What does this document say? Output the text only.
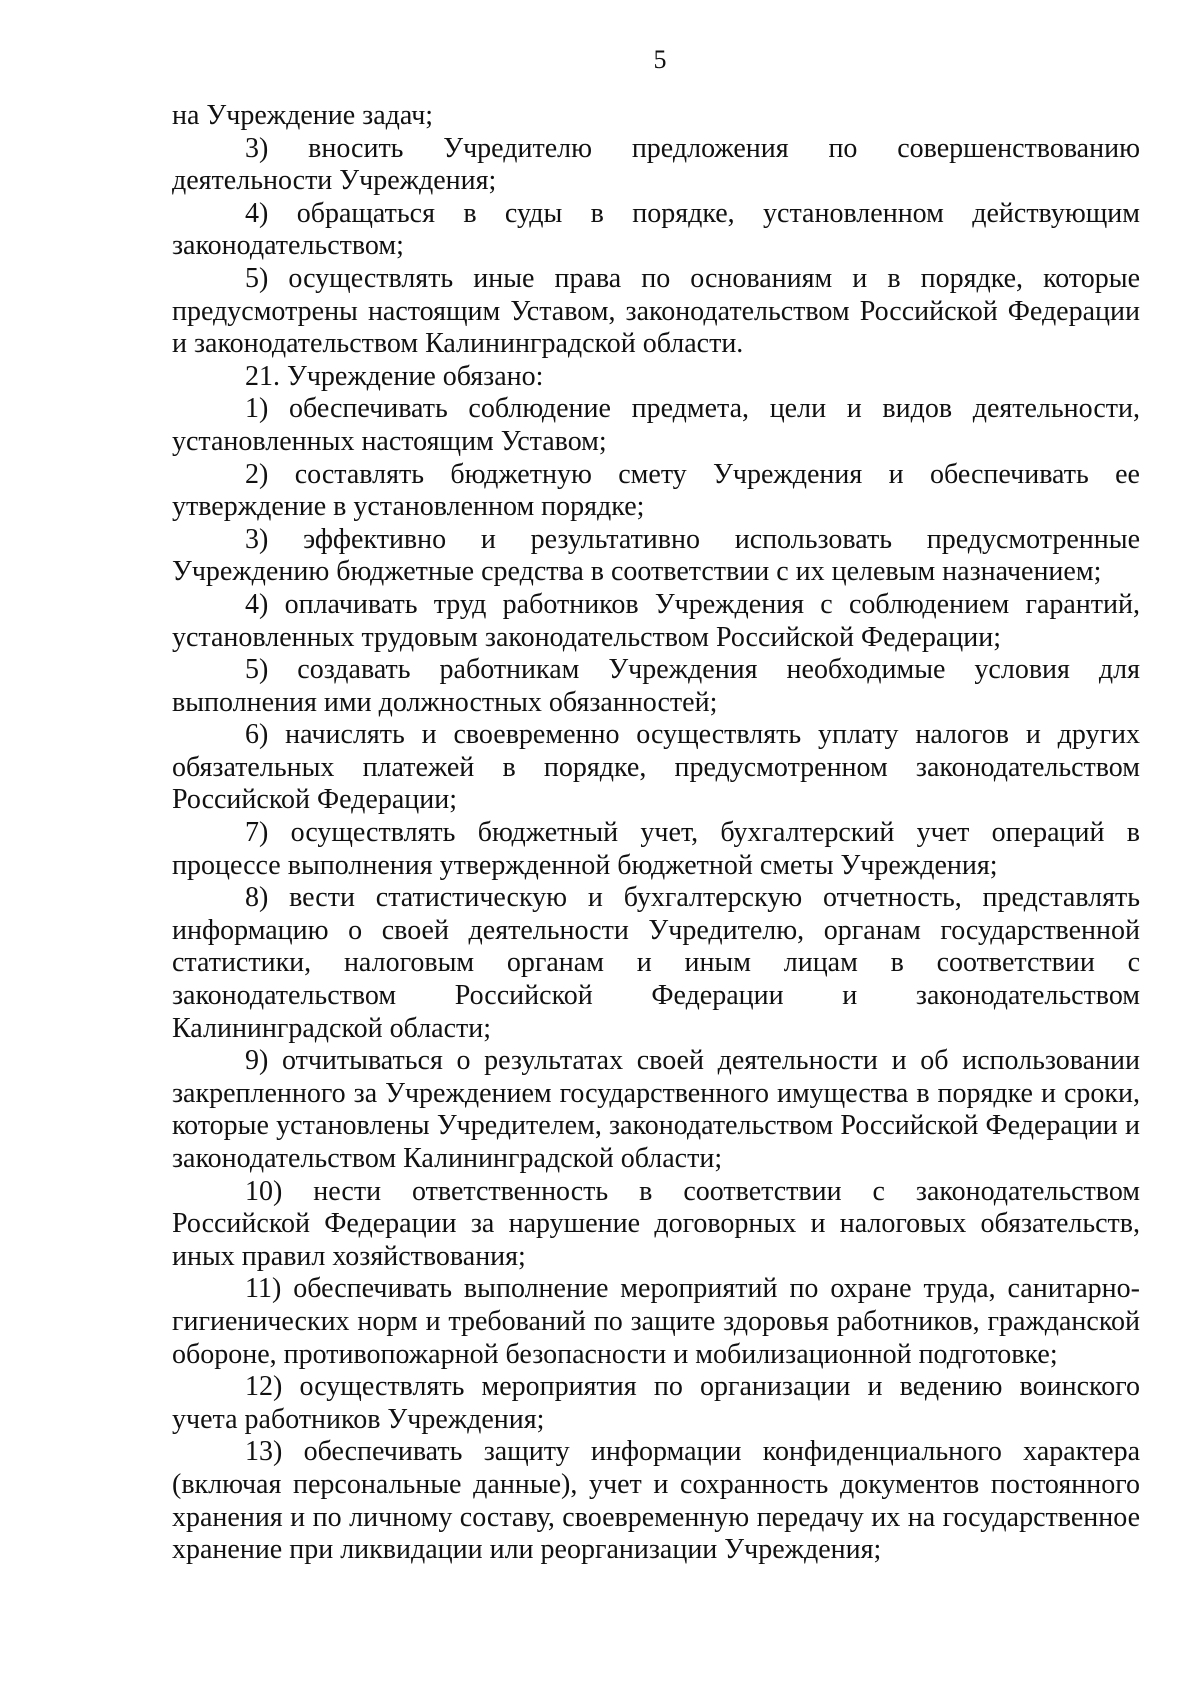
5

на Учреждение задач;

3) вносить Учредителю предложения по совершенствованию деятельности Учреждения;

4) обращаться в суды в порядке, установленном действующим законодательством;

5) осуществлять иные права по основаниям и в порядке, которые предусмотрены настоящим Уставом, законодательством Российской Федерации и законодательством Калининградской области.

21. Учреждение обязано:

1) обеспечивать соблюдение предмета, цели и видов деятельности, установленных настоящим Уставом;

2) составлять бюджетную смету Учреждения и обеспечивать ее утверждение в установленном порядке;

3) эффективно и результативно использовать предусмотренные Учреждению бюджетные средства в соответствии с их целевым назначением;

4) оплачивать труд работников Учреждения с соблюдением гарантий, установленных трудовым законодательством Российской Федерации;

5) создавать работникам Учреждения необходимые условия для выполнения ими должностных обязанностей;

6) начислять и своевременно осуществлять уплату налогов и других обязательных платежей в порядке, предусмотренном законодательством Российской Федерации;

7) осуществлять бюджетный учет, бухгалтерский учет операций в процессе выполнения утвержденной бюджетной сметы Учреждения;

8) вести статистическую и бухгалтерскую отчетность, представлять информацию о своей деятельности Учредителю, органам государственной статистики, налоговым органам и иным лицам в соответствии с законодательством Российской Федерации и законодательством Калининградской области;

9) отчитываться о результатах своей деятельности и об использовании закрепленного за Учреждением государственного имущества в порядке и сроки, которые установлены Учредителем, законодательством Российской Федерации и законодательством Калининградской области;

10) нести ответственность в соответствии с законодательством Российской Федерации за нарушение договорных и налоговых обязательств, иных правил хозяйствования;

11) обеспечивать выполнение мероприятий по охране труда, санитарно-гигиенических норм и требований по защите здоровья работников, гражданской обороне, противопожарной безопасности и мобилизационной подготовке;

12) осуществлять мероприятия по организации и ведению воинского учета работников Учреждения;

13) обеспечивать защиту информации конфиденциального характера (включая персональные данные), учет и сохранность документов постоянного хранения и по личному составу, своевременную передачу их на государственное хранение при ликвидации или реорганизации Учреждения;
